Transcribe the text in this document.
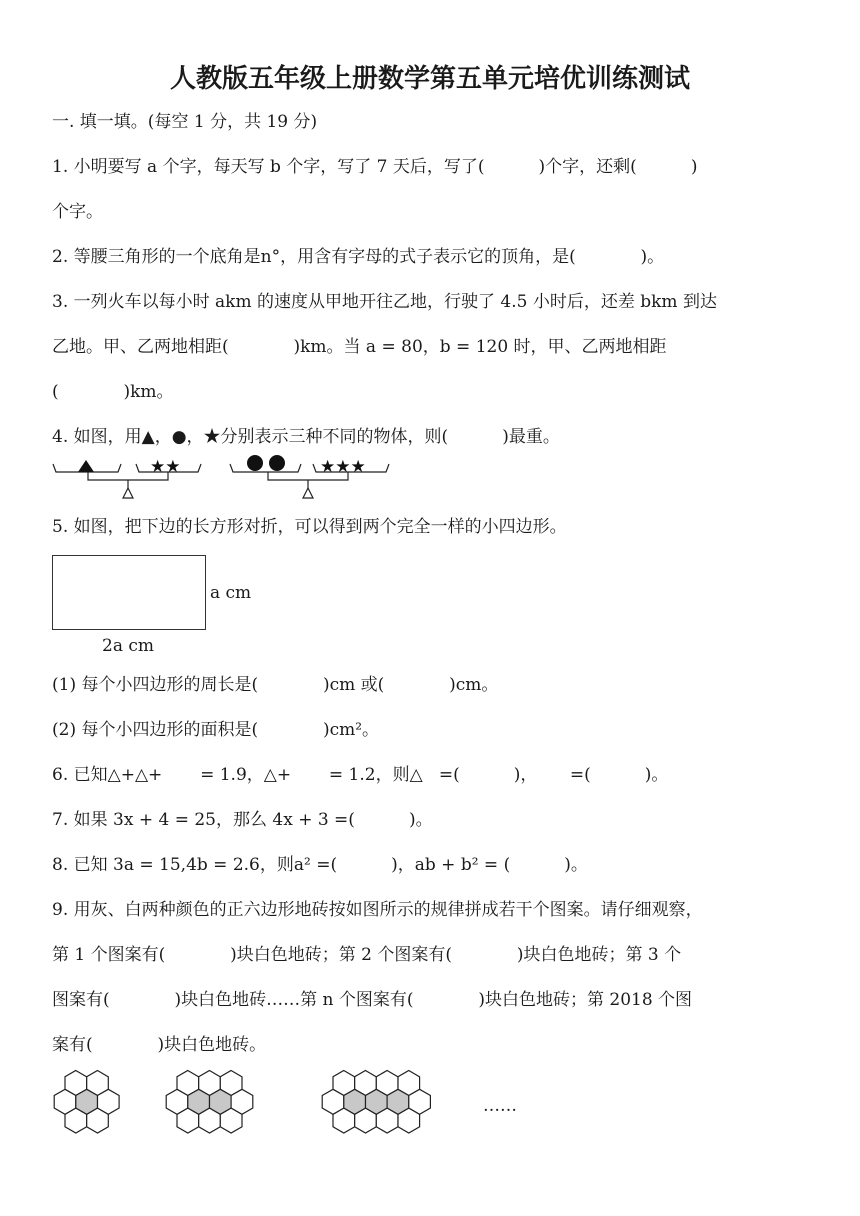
人教版五年级上册数学第五单元培优训练测试
一. 填一填。(每空 1 分，共 19 分)
1. 小明要写 a 个字，每天写 b 个字，写了 7 天后，写了(          )个字，还剩(          )
个字。
2. 等腰三角形的一个底角是n°，用含有字母的式子表示它的顶角，是(            )。
3. 一列火车以每小时 akm 的速度从甲地开往乙地，行驶了 4.5 小时后，还差 bkm 到达
乙地。甲、乙两地相距(            )km。当 a = 80，b = 120 时，甲、乙两地相距
(            )km。
4. 如图，用▲，●，★分别表示三种不同的物体，则(          )最重。
★★	★★★
5. 如图，把下边的长方形对折，可以得到两个完全一样的小四边形。
a cm
2a cm
(1) 每个小四边形的周长是(            )cm 或(            )cm。
(2) 每个小四边形的面积是(            )cm²。
6. 已知△+△+       = 1.9，△+       = 1.2，则△   =(          )，      =(          )。
7. 如果 3x + 4 = 25，那么 4x + 3 =(          )。
8. 已知 3a = 15,4b = 2.6，则a² =(          )，ab + b² = (          )。
9. 用灰、白两种颜色的正六边形地砖按如图所示的规律拼成若干个图案。请仔细观察，
第 1 个图案有(            )块白色地砖；第 2 个图案有(            )块白色地砖；第 3 个
图案有(            )块白色地砖……第 n 个图案有(            )块白色地砖；第 2018 个图
案有(            )块白色地砖。
……
